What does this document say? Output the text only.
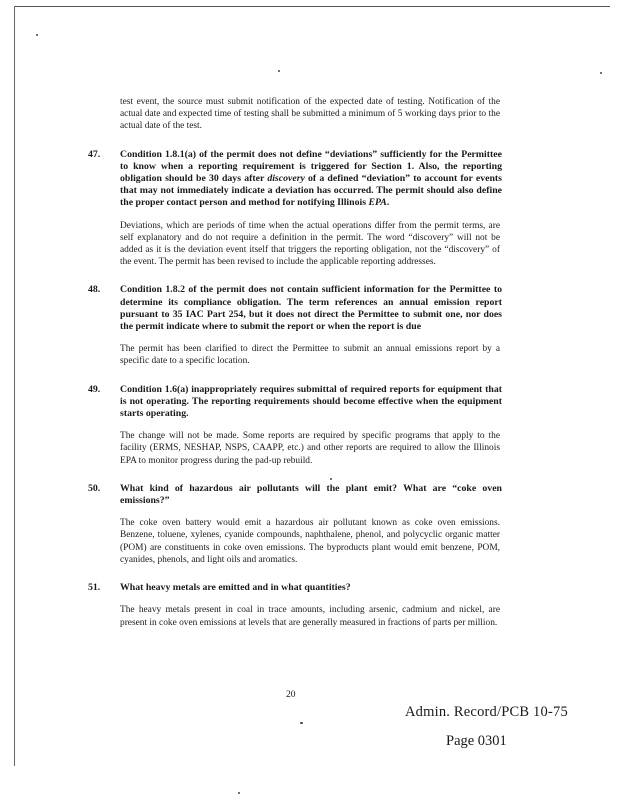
test event, the source must submit notification of the expected date of testing. Notification of the actual date and expected time of testing shall be submitted a minimum of 5 working days prior to the actual date of the test.

47. Condition 1.8.1(a) of the permit does not define “deviations” sufficiently for the Permittee to know when a reporting requirement is triggered for Section 1. Also, the reporting obligation should be 30 days after discovery of a defined “deviation” to account for events that may not immediately indicate a deviation has occurred. The permit should also define the proper contact person and method for notifying Illinois EPA.

Deviations, which are periods of time when the actual operations differ from the permit terms, are self explanatory and do not require a definition in the permit. The word “discovery” will not be added as it is the deviation event itself that triggers the reporting obligation, not the “discovery” of the event. The permit has been revised to include the applicable reporting addresses.

48. Condition 1.8.2 of the permit does not contain sufficient information for the Permittee to determine its compliance obligation. The term references an annual emission report pursuant to 35 IAC Part 254, but it does not direct the Permittee to submit one, nor does the permit indicate where to submit the report or when the report is due

The permit has been clarified to direct the Permittee to submit an annual emissions report by a specific date to a specific location.

49. Condition 1.6(a) inappropriately requires submittal of required reports for equipment that is not operating. The reporting requirements should become effective when the equipment starts operating.

The change will not be made. Some reports are required by specific programs that apply to the facility (ERMS, NESHAP, NSPS, CAAPP, etc.) and other reports are required to allow the Illinois EPA to monitor progress during the pad-up rebuild.

50. What kind of hazardous air pollutants will the plant emit? What are “coke oven emissions?”

The coke oven battery would emit a hazardous air pollutant known as coke oven emissions. Benzene, toluene, xylenes, cyanide compounds, naphthalene, phenol, and polycyclic organic matter (POM) are constituents in coke oven emissions. The byproducts plant would emit benzene, POM, cyanides, phenols, and light oils and aromatics.

51. What heavy metals are emitted and in what quantities?

The heavy metals present in coal in trace amounts, including arsenic, cadmium and nickel, are present in coke oven emissions at levels that are generally measured in fractions of parts per million.

20
Admin. Record/PCB 10-75
Page 0301
